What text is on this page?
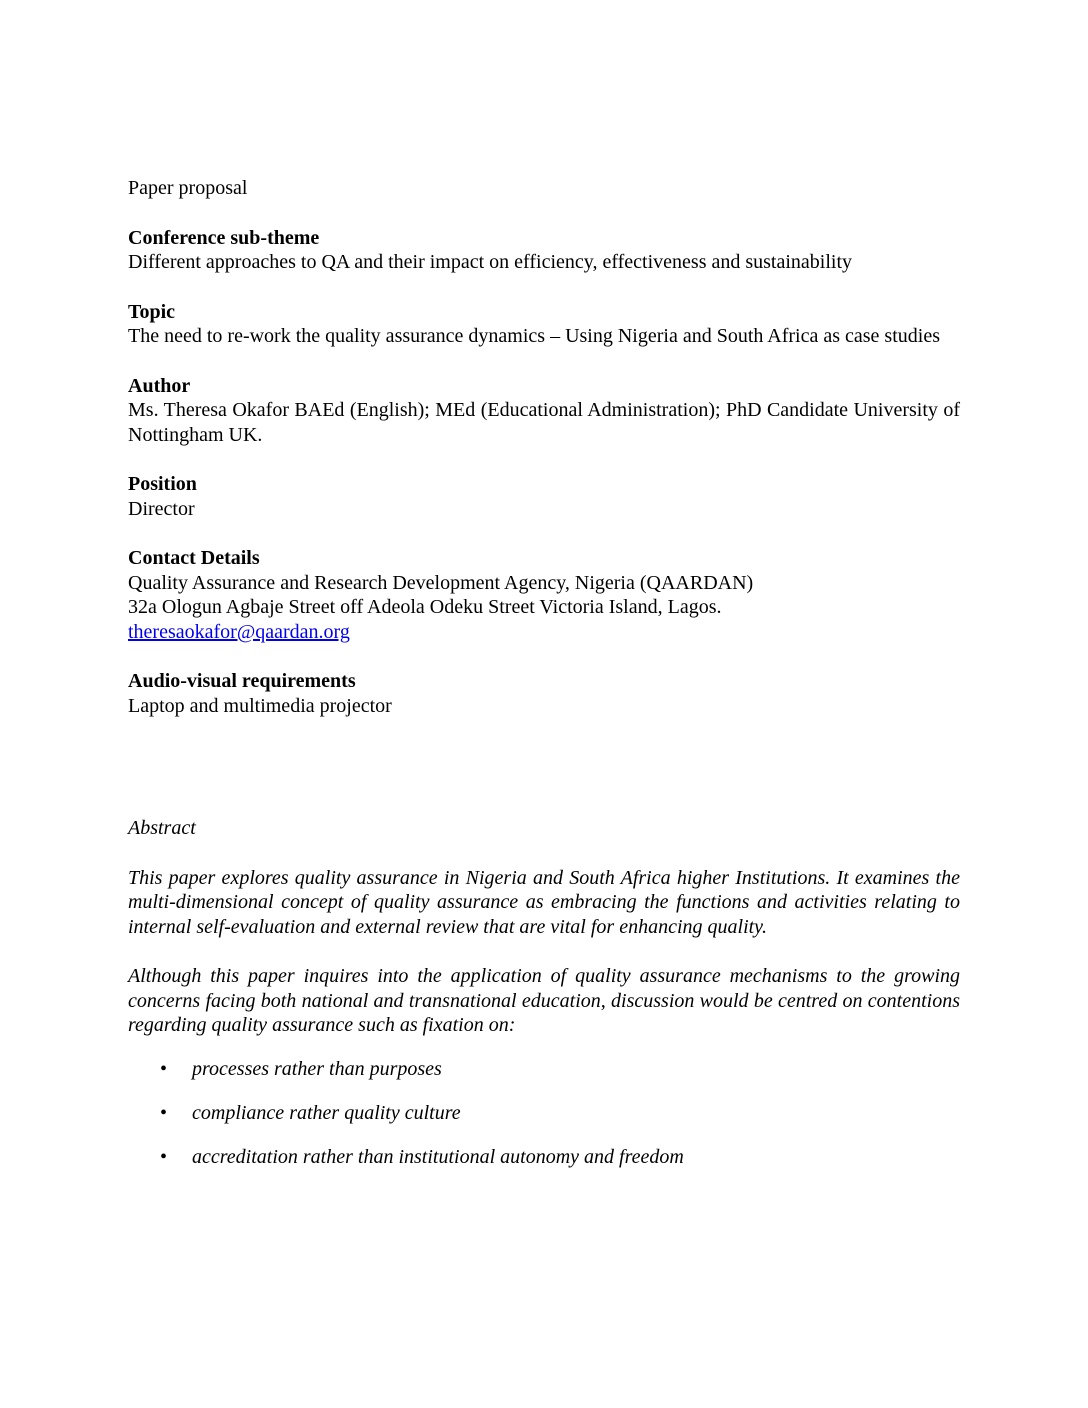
Paper proposal

Conference sub-theme

Different approaches to QA and their impact on efficiency, effectiveness and sustainability

Topic

The need to re-work the quality assurance dynamics – Using Nigeria and South Africa as case studies

Author

Ms. Theresa Okafor BAEd (English); MEd (Educational Administration); PhD Candidate University of Nottingham UK.

Position

Director

Contact Details

Quality Assurance and Research Development Agency, Nigeria (QAARDAN)

32a Ologun Agbaje Street off Adeola Odeku Street Victoria Island, Lagos.

theresaokafor@qaardan.org

Audio-visual requirements

Laptop and multimedia projector

Abstract

This paper explores quality assurance in Nigeria and South Africa higher Institutions. It examines the multi-dimensional concept of quality assurance as embracing the functions and activities relating to internal self-evaluation and external review that are vital for enhancing quality.

Although this paper inquires into the application of quality assurance mechanisms to the growing concerns facing both national and transnational education, discussion would be centred on contentions regarding quality assurance such as fixation on:

• processes rather than purposes
• compliance rather quality culture
• accreditation rather than institutional autonomy and freedom
